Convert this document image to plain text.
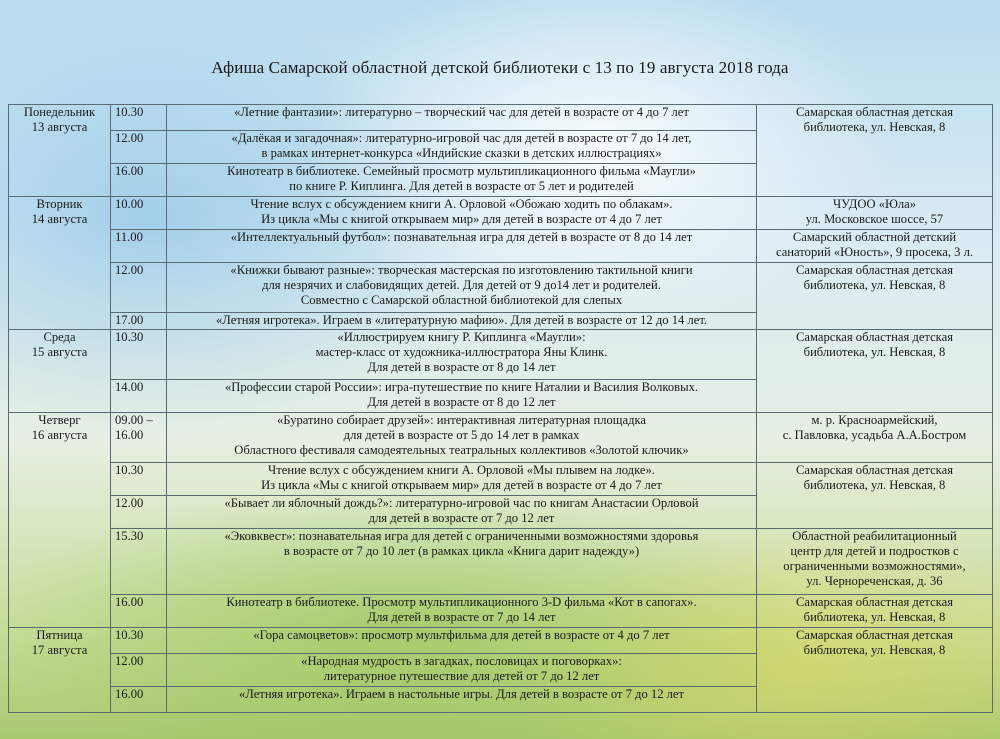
Афиша Самарской областной детской библиотеки с 13 по 19 августа 2018 года
Понедельник
13 августа	10.30	«Летние фантазии»: литературно – творческий час для детей в возрасте от 4 до 7 лет	Самарская областная детская
библиотека, ул. Невская, 8

	12.00	«Далёкая и загадочная»: литературно-игровой час для детей в возрасте от 7 до 14 лет,
в рамках интернет-конкурса «Индийские сказки в детских иллюстрациях»	

	16.00	Кинотеатр в библиотеке. Семейный просмотр мультипликационного фильма «Маугли»
по книге Р. Киплинга. Для детей в возрасте от 5 лет и родителей	

Вторник
14 августа	10.00	Чтение вслух с обсуждением книги А. Орловой «Обожаю ходить по облакам».
Из цикла «Мы с книгой открываем мир» для детей в возрасте от 4 до 7 лет	ЧУДОО «Юла»
ул. Московское шоссе, 57

	11.00	«Интеллектуальный футбол»: познавательная игра для детей в возрасте от 8 до 14 лет	Самарский областной детский
санаторий «Юность», 9 просека, 3 л.

	12.00	«Книжки бывают разные»: творческая мастерская по изготовлению тактильной книги
для незрячих и слабовидящих детей. Для детей от 9 до14 лет и родителей.
Совместно с Самарской областной библиотекой для слепых	Самарская областная детская
библиотека, ул. Невская, 8

	17.00	«Летняя игротека». Играем в «литературную мафию». Для детей в возрасте от 12 до 14 лет.	

Среда
15 августа	10.30	«Иллюстрируем книгу Р. Киплинга «Маугли»:
мастер-класс от художника-иллюстратора Яны Клинк.
Для детей в возрасте от 8 до 14 лет	Самарская областная детская
библиотека, ул. Невская, 8

	14.00	«Профессии старой России»: игра-путешествие по книге Наталии и Василия Волковых.
Для детей в возрасте от 8 до 12 лет	

Четверг
16 августа	09.00 –
16.00	«Буратино собирает друзей»: интерактивная литературная площадка
для детей в возрасте от 5 до 14 лет в рамках
Областного фестиваля самодеятельных театральных коллективов «Золотой ключик»	м. р. Красноармейский,
с. Павловка, усадьба А.А.Бостром

	10.30	Чтение вслух с обсуждением книги А. Орловой «Мы плывем на лодке».
Из цикла «Мы с книгой открываем мир» для детей в возрасте от 4 до 7 лет	Самарская областная детская
библиотека, ул. Невская, 8

	12.00	«Бывает ли яблочный дождь?»: литературно-игровой час по книгам Анастасии Орловой
для детей в возрасте от 7 до 12 лет	

	15.30	«Эковквест»: познавательная игра для детей с ограниченными возможностями здоровья
в возрасте от 7 до 10 лет (в рамках цикла «Книга дарит надежду»)	Областной реабилитационный
центр для детей и подростков с
ограниченными возможностями»,
ул. Чернореченская, д. 36

	16.00	Кинотеатр в библиотеке. Просмотр мультипликационного 3-D фильма «Кот в сапогах».
Для детей в возрасте от 7 до 14 лет	Самарская областная детская
библиотека, ул. Невская, 8

Пятница
17 августа	10.30	«Гора самоцветов»: просмотр мультфильма для детей в возрасте от 4 до 7 лет	Самарская областная детская
библиотека, ул. Невская, 8

	12.00	«Народная мудрость в загадках, пословицах и поговорках»:
литературное путешествие для детей от 7 до 12 лет	

	16.00	«Летняя игротека». Играем в настольные игры. Для детей в возрасте от 7 до 12 лет	
